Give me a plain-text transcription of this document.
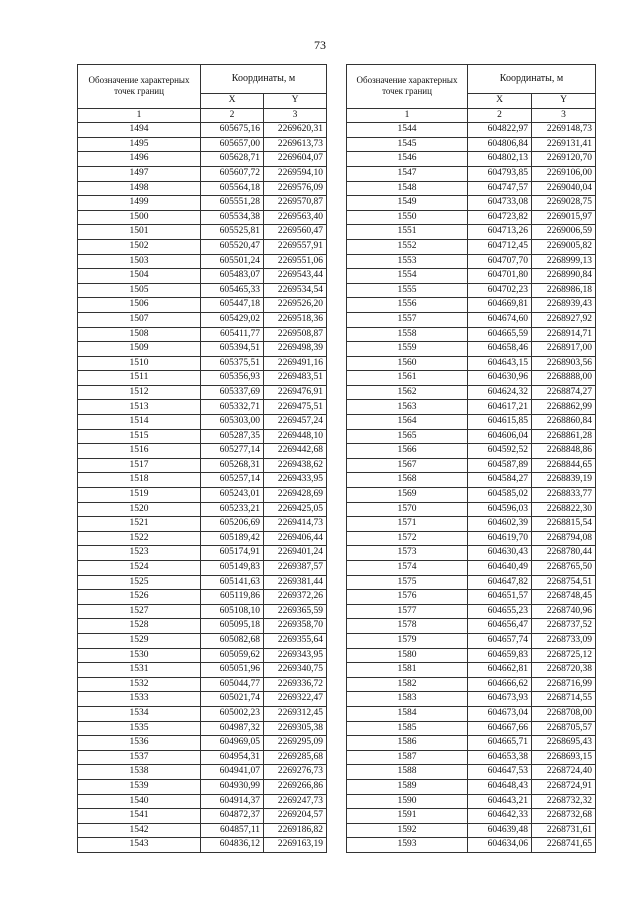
73
Обозначение характерных точек границ	Координаты, м	
	X	Y
1	2	3
1494	605675,16	2269620,31
1495	605657,00	2269613,73
1496	605628,71	2269604,07
1497	605607,72	2269594,10
1498	605564,18	2269576,09
1499	605551,28	2269570,87
1500	605534,38	2269563,40
1501	605525,81	2269560,47
1502	605520,47	2269557,91
1503	605501,24	2269551,06
1504	605483,07	2269543,44
1505	605465,33	2269534,54
1506	605447,18	2269526,20
1507	605429,02	2269518,36
1508	605411,77	2269508,87
1509	605394,51	2269498,39
1510	605375,51	2269491,16
1511	605356,93	2269483,51
1512	605337,69	2269476,91
1513	605332,71	2269475,51
1514	605303,00	2269457,24
1515	605287,35	2269448,10
1516	605277,14	2269442,68
1517	605268,31	2269438,62
1518	605257,14	2269433,95
1519	605243,01	2269428,69
1520	605233,21	2269425,05
1521	605206,69	2269414,73
1522	605189,42	2269406,44
1523	605174,91	2269401,24
1524	605149,83	2269387,57
1525	605141,63	2269381,44
1526	605119,86	2269372,26
1527	605108,10	2269365,59
1528	605095,18	2269358,70
1529	605082,68	2269355,64
1530	605059,62	2269343,95
1531	605051,96	2269340,75
1532	605044,77	2269336,72
1533	605021,74	2269322,47
1534	605002,23	2269312,45
1535	604987,32	2269305,38
1536	604969,05	2269295,09
1537	604954,31	2269285,68
1538	604941,07	2269276,73
1539	604930,99	2269266,86
1540	604914,37	2269247,73
1541	604872,37	2269204,57
1542	604857,11	2269186,82
1543	604836,12	2269163,19
Обозначение характерных точек границ	Координаты, м	
	X	Y
1	2	3
1544	604822,97	2269148,73
1545	604806,84	2269131,41
1546	604802,13	2269120,70
1547	604793,85	2269106,00
1548	604747,57	2269040,04
1549	604733,08	2269028,75
1550	604723,82	2269015,97
1551	604713,26	2269006,59
1552	604712,45	2269005,82
1553	604707,70	2268999,13
1554	604701,80	2268990,84
1555	604702,23	2268986,18
1556	604669,81	2268939,43
1557	604674,60	2268927,92
1558	604665,59	2268914,71
1559	604658,46	2268917,00
1560	604643,15	2268903,56
1561	604630,96	2268888,00
1562	604624,32	2268874,27
1563	604617,21	2268862,99
1564	604615,85	2268860,84
1565	604606,04	2268861,28
1566	604592,52	2268848,86
1567	604587,89	2268844,65
1568	604584,27	2268839,19
1569	604585,02	2268833,77
1570	604596,03	2268822,30
1571	604602,39	2268815,54
1572	604619,70	2268794,08
1573	604630,43	2268780,44
1574	604640,49	2268765,50
1575	604647,82	2268754,51
1576	604651,57	2268748,45
1577	604655,23	2268740,96
1578	604656,47	2268737,52
1579	604657,74	2268733,09
1580	604659,83	2268725,12
1581	604662,81	2268720,38
1582	604666,62	2268716,99
1583	604673,93	2268714,55
1584	604673,04	2268708,00
1585	604667,66	2268705,57
1586	604665,71	2268695,43
1587	604653,38	2268693,15
1588	604647,53	2268724,40
1589	604648,43	2268724,91
1590	604643,21	2268732,32
1591	604642,33	2268732,68
1592	604639,48	2268731,61
1593	604634,06	2268741,65
